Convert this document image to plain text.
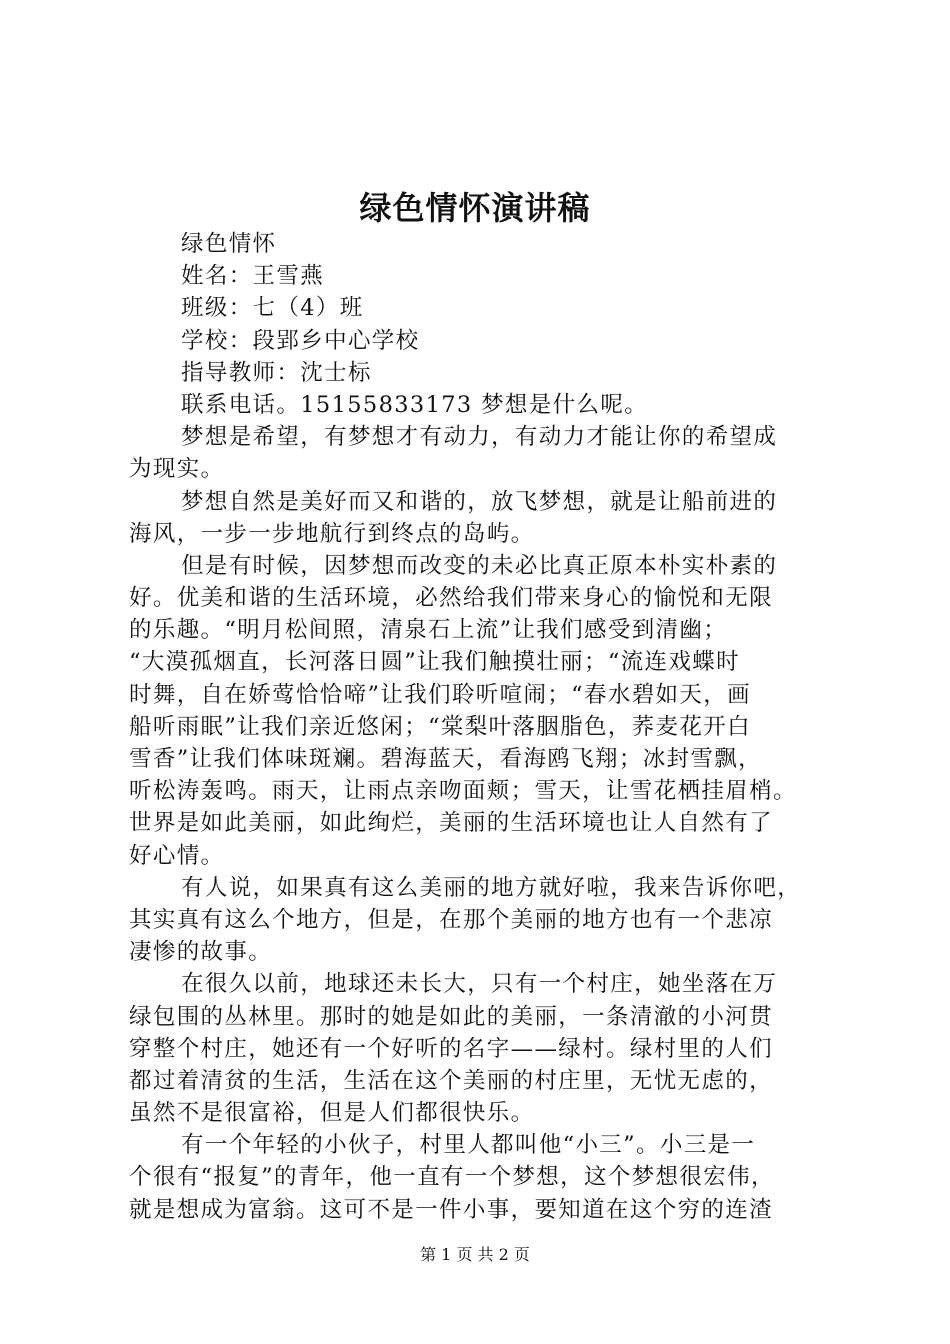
绿色情怀演讲稿
绿色情怀
姓名：王雪燕
班级：七（4）班
学校：段郢乡中心学校
指导教师：沈士标
联系电话。15155833173 梦想是什么呢。
梦想是希望，有梦想才有动力，有动力才能让你的希望成
为现实。
梦想自然是美好而又和谐的，放飞梦想，就是让船前进的
海风，一步一步地航行到终点的岛屿。
但是有时候，因梦想而改变的未必比真正原本朴实朴素的
好。优美和谐的生活环境，必然给我们带来身心的愉悦和无限
的乐趣。“明月松间照，清泉石上流”让我们感受到清幽；
“大漠孤烟直，长河落日圆”让我们触摸壮丽；“流连戏蝶时
时舞，自在娇莺恰恰啼”让我们聆听喧闹；“春水碧如天，画
船听雨眠”让我们亲近悠闲；“棠梨叶落胭脂色，荞麦花开白
雪香”让我们体味斑斓。碧海蓝天，看海鸥飞翔；冰封雪飘，
听松涛轰鸣。雨天，让雨点亲吻面颊；雪天，让雪花栖挂眉梢。
世界是如此美丽，如此绚烂，美丽的生活环境也让人自然有了
好心情。
有人说，如果真有这么美丽的地方就好啦，我来告诉你吧，
其实真有这么个地方，但是，在那个美丽的地方也有一个悲凉
凄惨的故事。
在很久以前，地球还未长大，只有一个村庄，她坐落在万
绿包围的丛林里。那时的她是如此的美丽，一条清澈的小河贯
穿整个村庄，她还有一个好听的名字——绿村。绿村里的人们
都过着清贫的生活，生活在这个美丽的村庄里，无忧无虑的，
虽然不是很富裕，但是人们都很快乐。
有一个年轻的小伙子，村里人都叫他“小三”。小三是一
个很有“报复”的青年，他一直有一个梦想，这个梦想很宏伟，
就是想成为富翁。这可不是一件小事，要知道在这个穷的连渣
第 1 页 共 2 页
